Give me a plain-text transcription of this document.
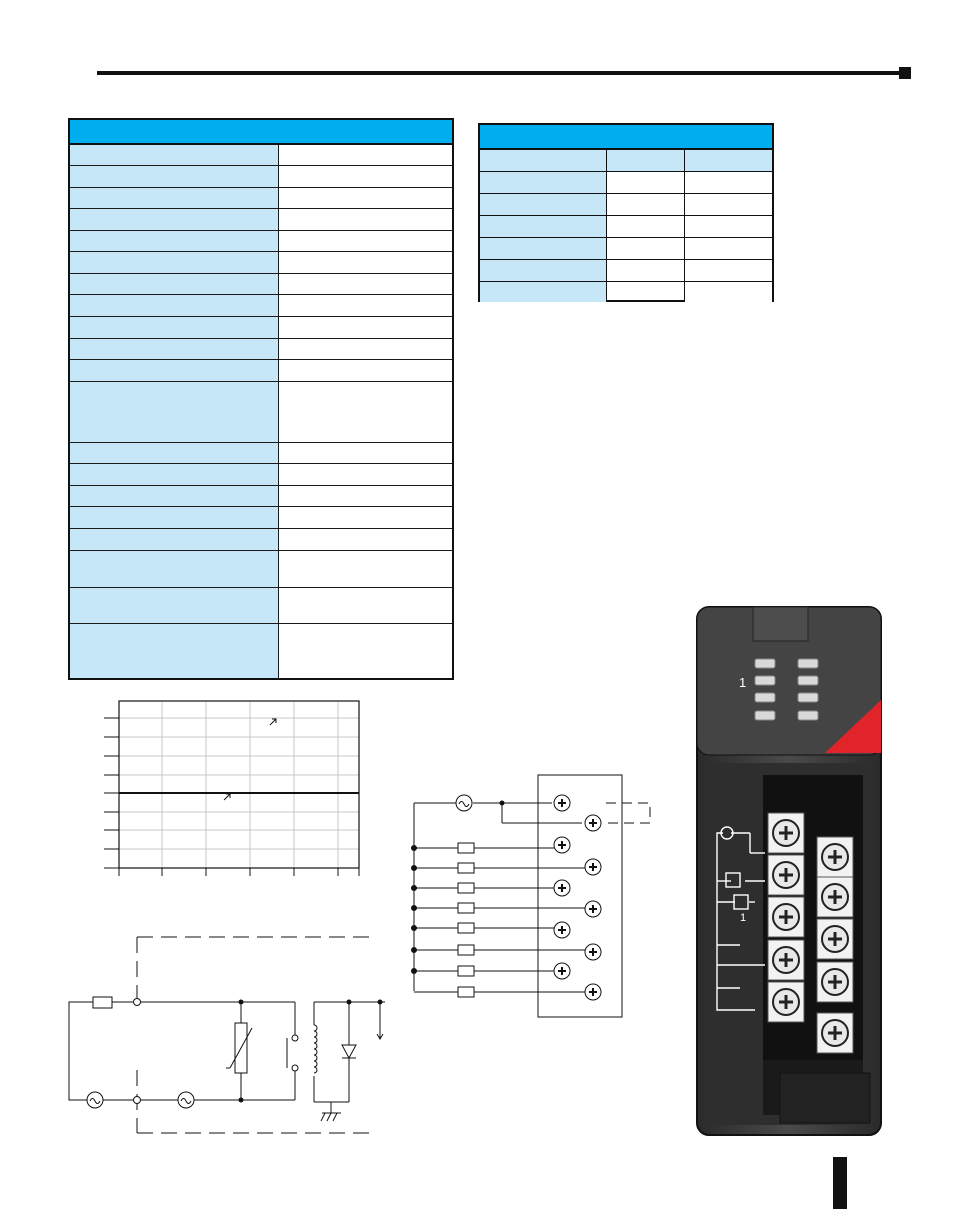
1
1
